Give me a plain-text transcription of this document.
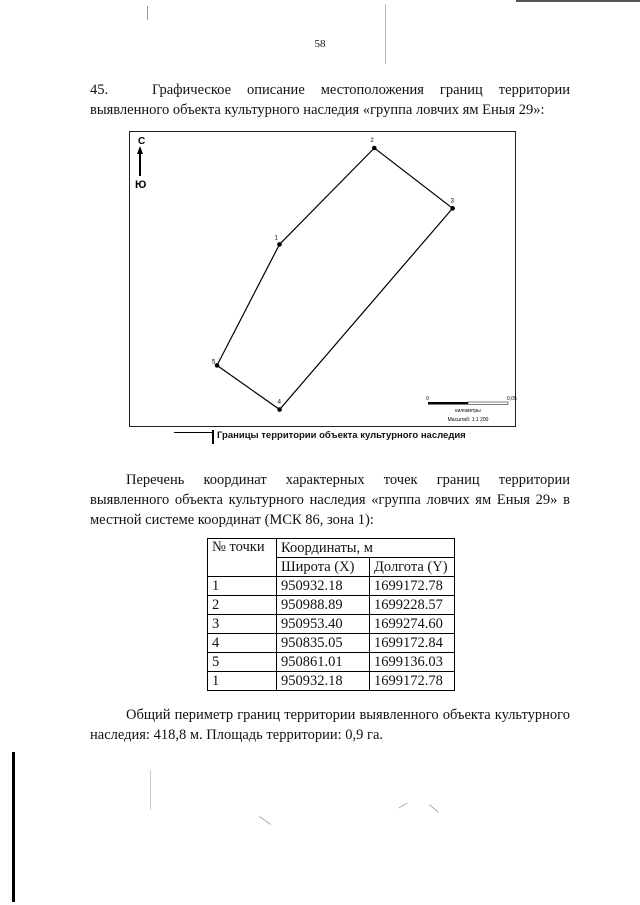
58
45.	Графическое описание местоположения границ территории выявленного объекта культурного наследия «группа ловчих ям Еныя 29»:
С
Ю
1
2
3
4
5
0	0,05
километры
Масштаб: 1:1 200
Границы территории объекта культурного наследия
Перечень координат характерных точек границ территории выявленного объекта культурного наследия «группа ловчих ям Еныя 29» в местной системе координат (МСК 86, зона 1):
№ точки	Координаты, м	
	Широта (X)	Долгота (Y)
1	950932.18	1699172.78
2	950988.89	1699228.57
3	950953.40	1699274.60
4	950835.05	1699172.84
5	950861.01	1699136.03
1	950932.18	1699172.78
Общий периметр границ территории выявленного объекта культурного наследия: 418,8 м. Площадь территории: 0,9 га.
